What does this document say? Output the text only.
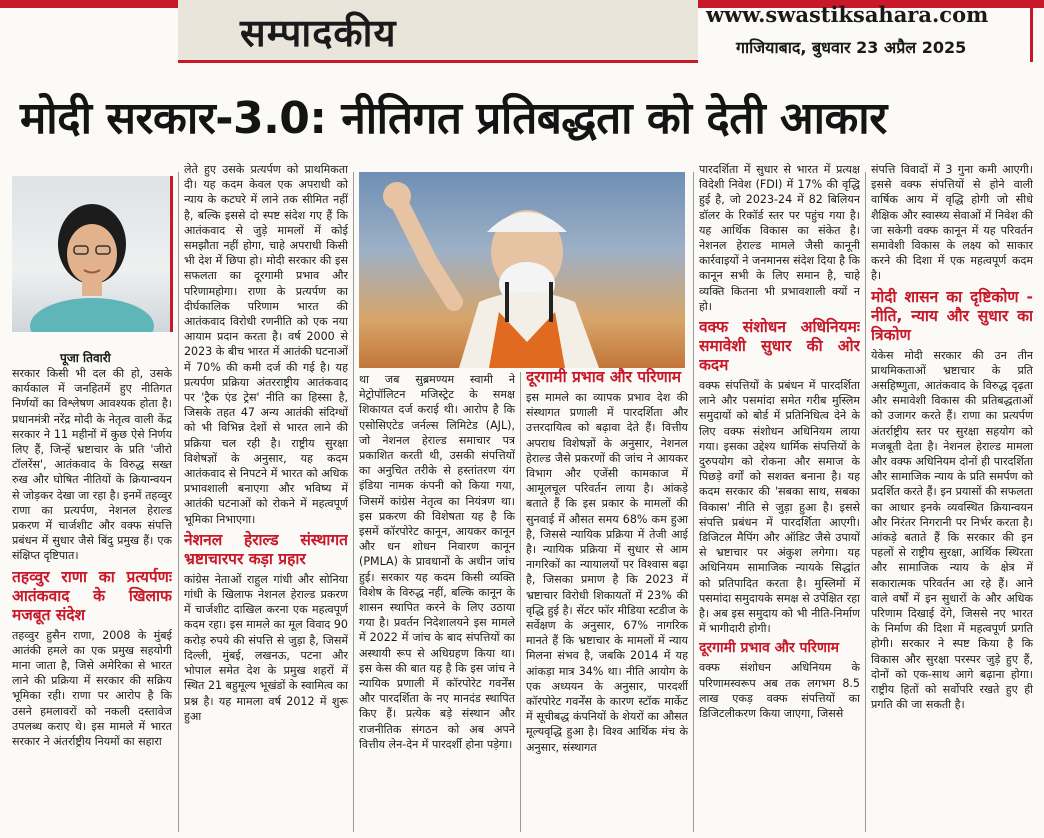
सम्पादकीय	www.swastiksahara.com
गाजियाबाद, बुधवार 23 अप्रैल 2025
मोदी सरकार-3.0: नीतिगत प्रतिबद्धता को देती आकार
पूजा तिवारी

सरकार किसी भी दल की हो, उसके कार्यकाल में जनहितमें हुए नीतिगत निर्णयों का विश्लेषण आवश्यक होता है। प्रधानमंत्री नरेंद्र मोदी के नेतृत्व वाली केंद्र सरकार ने 11 महीनों में कुछ ऐसे निर्णय लिए हैं, जिन्हें भ्रष्टाचार के प्रति 'जीरो टॉलरेंस', आतंकवाद के विरुद्ध सख्त रुख और घोषित नीतियों के क्रियान्वयन से जोड़कर देखा जा रहा है। इनमें तहव्वुर राणा का प्रत्यर्पण, नेशनल हेराल्ड प्रकरण में चार्जशीट और वक्फ संपत्ति प्रबंधन में सुधार जैसे बिंदु प्रमुख हैं। एक संक्षिप्त दृष्टिपात।

तहव्वुर राणा का प्रत्यर्पणः आतंकवाद के खिलाफ मजबूत संदेश

तहव्वुर हुसैन राणा, 2008 के मुंबई आतंकी हमले का एक प्रमुख सहयोगी माना जाता है, जिसे अमेरिका से भारत लाने की प्रक्रिया में सरकार की सक्रिय भूमिका रही। राणा पर आरोप है कि उसने हमलावरों को नकली दस्तावेज उपलब्ध कराए थे। इस मामले में भारत सरकार ने अंतर्राष्ट्रीय नियमों का सहारा

लेते हुए उसके प्रत्यर्पण को प्राथमिकता दी। यह कदम केवल एक अपराधी को न्याय के कटघरे में लाने तक सीमित नहीं है, बल्कि इससे दो स्पष्ट संदेश गए हैं कि आतंकवाद से जुड़े मामलों में कोई समझौता नहीं होगा, चाहे अपराधी किसी भी देश में छिपा हो। मोदी सरकार की इस सफलता का दूरगामी प्रभाव और परिणामहोगा। राणा के प्रत्यर्पण का दीर्घकालिक परिणाम भारत की आतंकवाद विरोधी रणनीति को एक नया आयाम प्रदान करता है। वर्ष 2000 से 2023 के बीच भारत में आतंकी घटनाओं में 70% की कमी दर्ज की गई है। यह प्रत्यर्पण प्रक्रिया अंतरराष्ट्रीय आतंकवाद पर 'ट्रैक एंड ट्रेस' नीति का हिस्सा है, जिसके तहत 47 अन्य आतंकी संदिग्धों को भी विभिन्न देशों से भारत लाने की प्रक्रिया चल रही है। राष्ट्रीय सुरक्षा विशेषज्ञों के अनुसार, यह कदम आतंकवाद से निपटने में भारत को अधिक प्रभावशाली बनाएगा और भविष्य में आतंकी घटनाओं को रोकने में महत्वपूर्ण भूमिका निभाएगा।

नेशनल हेराल्ड संस्थागत भ्रष्टाचारपर कड़ा प्रहार

कांग्रेस नेताओं राहुल गांधी और सोनिया गांधी के खिलाफ नेशनल हेराल्ड प्रकरण में चार्जशीट दाखिल करना एक महत्वपूर्ण कदम रहा। इस मामले का मूल विवाद 90 करोड़ रुपये की संपत्ति से जुड़ा है, जिसमें दिल्ली, मुंबई, लखनऊ, पटना और भोपाल समेत देश के प्रमुख शहरों में स्थित 21 बहुमूल्य भूखंडों के स्वामित्व का प्रश्न है। यह मामला वर्ष 2012 में शुरू हुआ

था जब सुब्रमण्यम स्वामी ने मेट्रोपॉलिटन मजिस्ट्रेट के समक्ष शिकायत दर्ज कराई थी। आरोप है कि एसोसिएटेड जर्नल्स लिमिटेड (AJL), जो नेशनल हेराल्ड समाचार पत्र प्रकाशित करती थी, उसकी संपत्तियों का अनुचित तरीके से हस्तांतरण यंग इंडिया नामक कंपनी को किया गया, जिसमें कांग्रेस नेतृत्व का नियंत्रण था। इस प्रकरण की विशेषता यह है कि इसमें कॉरपोरेट कानून, आयकर कानून और धन शोधन निवारण कानून (PMLA) के प्रावधानों के अधीन जांच हुई। सरकार यह कदम किसी व्यक्ति विशेष के विरुद्ध नहीं, बल्कि कानून के शासन स्थापित करने के लिए उठाया गया है। प्रवर्तन निदेशालयने इस मामले में 2022 में जांच के बाद संपत्तियों का अस्थायी रूप से अधिग्रहण किया था। इस केस की बात यह है कि इस जांच ने न्यायिक प्रणाली में कॉरपोरेट गवर्नेंस और पारदर्शिता के नए मानदंड स्थापित किए हैं। प्रत्येक बड़े संस्थान और राजनीतिक संगठन को अब अपने वित्तीय लेन-देन में पारदर्शी होना पड़ेगा।

दूरगामी प्रभाव और परिणाम

इस मामले का व्यापक प्रभाव देश की संस्थागत प्रणाली में पारदर्शिता और उत्तरदायित्व को बढ़ावा देते हैं। वित्तीय अपराध विशेषज्ञों के अनुसार, नेशनल हेराल्ड जैसे प्रकरणों की जांच ने आयकर विभाग और एजेंसी कामकाज में आमूलचूल परिवर्तन लाया है। आंकड़े बताते हैं कि इस प्रकार के मामलों की सुनवाई में औसत समय 68% कम हुआ है, जिससे न्यायिक प्रक्रिया में तेजी आई है। न्यायिक प्रक्रिया में सुधार से आम नागरिकों का न्यायालयों पर विश्वास बढ़ा है, जिसका प्रमाण है कि 2023 में भ्रष्टाचार विरोधी शिकायतों में 23% की वृद्धि हुई है। सेंटर फॉर मीडिया स्टडीज के सर्वेक्षण के अनुसार, 67% नागरिक मानते हैं कि भ्रष्टाचार के मामलों में न्याय मिलना संभव है, जबकि 2014 में यह आंकड़ा मात्र 34% था। नीति आयोग के एक अध्ययन के अनुसार, पारदर्शी कॉरपोरेट गवर्नेंस के कारण स्टॉक मार्केट में सूचीबद्ध कंपनियों के शेयरों का औसत मूल्यवृद्धि हुआ है। विश्व आर्थिक मंच के अनुसार, संस्थागत

पारदर्शिता में सुधार से भारत में प्रत्यक्ष विदेशी निवेश (FDI) में 17% की वृद्धि हुई है, जो 2023-24 में 82 बिलियन डॉलर के रिकॉर्ड स्तर पर पहुंच गया है। यह आर्थिक विकास का संकेत है। नेशनल हेराल्ड मामले जैसी कानूनी कार्रवाइयों ने जनमानस संदेश दिया है कि कानून सभी के लिए समान है, चाहे व्यक्ति कितना भी प्रभावशाली क्यों न हो।

वक्फ संशोधन अधिनियमः समावेशी सुधार की ओर कदम

वक्फ संपत्तियों के प्रबंधन में पारदर्शिता लाने और पसमांदा समेत गरीब मुस्लिम समुदायों को बोर्ड में प्रतिनिधित्व देने के लिए वक्फ संशोधन अधिनियम लाया गया। इसका उद्देश्य धार्मिक संपत्तियों के दुरुपयोग को रोकना और समाज के पिछड़े वर्गों को सशक्त बनाना है। यह कदम सरकार की 'सबका साथ, सबका विकास' नीति से जुड़ा हुआ है। इससे संपत्ति प्रबंधन में पारदर्शिता आएगी। डिजिटल मैपिंग और ऑडिट जैसे उपायों से भ्रष्टाचार पर अंकुश लगेगा। यह अधिनियम सामाजिक न्यायके सिद्धांत को प्रतिपादित करता है। मुस्लिमों में पसमांदा समुदायके समक्ष से उपेक्षित रहा है। अब इस समुदाय को भी नीति-निर्माण में भागीदारी होगी।

दूरगामी प्रभाव और परिणाम

वक्फ संशोधन अधिनियम के परिणामस्वरूप अब तक लगभग 8.5 लाख एकड़ वक्फ संपत्तियों का डिजिटलीकरण किया जाएगा, जिससे

संपत्ति विवादों में 3 गुना कमी आएगी। इससे वक्फ संपत्तियों से होने वाली वार्षिक आय में वृद्धि होगी जो सीधे शैक्षिक और स्वास्थ्य सेवाओं में निवेश की जा सकेगी वक्फ कानून में यह परिवर्तन समावेशी विकास के लक्ष्य को साकार करने की दिशा में एक महत्वपूर्ण कदम है।

मोदी शासन का दृष्टिकोण - नीति, न्याय और सुधार का त्रिकोण

येकेस मोदी सरकार की उन तीन प्राथमिकताओं भ्रष्टाचार के प्रति असहिष्णुता, आतंकवाद के विरुद्ध दृढ़ता और समावेशी विकास की प्रतिबद्धताओं को उजागर करते हैं। राणा का प्रत्यर्पण अंतर्राष्ट्रीय स्तर पर सुरक्षा सहयोग को मजबूती देता है। नेशनल हेराल्ड मामला और वक्फ अधिनियम दोनों ही पारदर्शिता और सामाजिक न्याय के प्रति समर्पण को प्रदर्शित करते हैं। इन प्रयासों की सफलता का आधार इनके व्यवस्थित क्रियान्वयन और निरंतर निगरानी पर निर्भर करता है। आंकड़े बताते हैं कि सरकार की इन पहलों से राष्ट्रीय सुरक्षा, आर्थिक स्थिरता और सामाजिक न्याय के क्षेत्र में सकारात्मक परिवर्तन आ रहे हैं। आने वाले वर्षों में इन सुधारों के और अधिक परिणाम दिखाई देंगे, जिससे नए भारत के निर्माण की दिशा में महत्वपूर्ण प्रगति होगी। सरकार ने स्पष्ट किया है कि विकास और सुरक्षा परस्पर जुड़े हुए हैं, दोनों को एक-साथ आगे बढ़ाना होगा। राष्ट्रीय हितों को सर्वोपरि रखते हुए ही प्रगति की जा सकती है।
